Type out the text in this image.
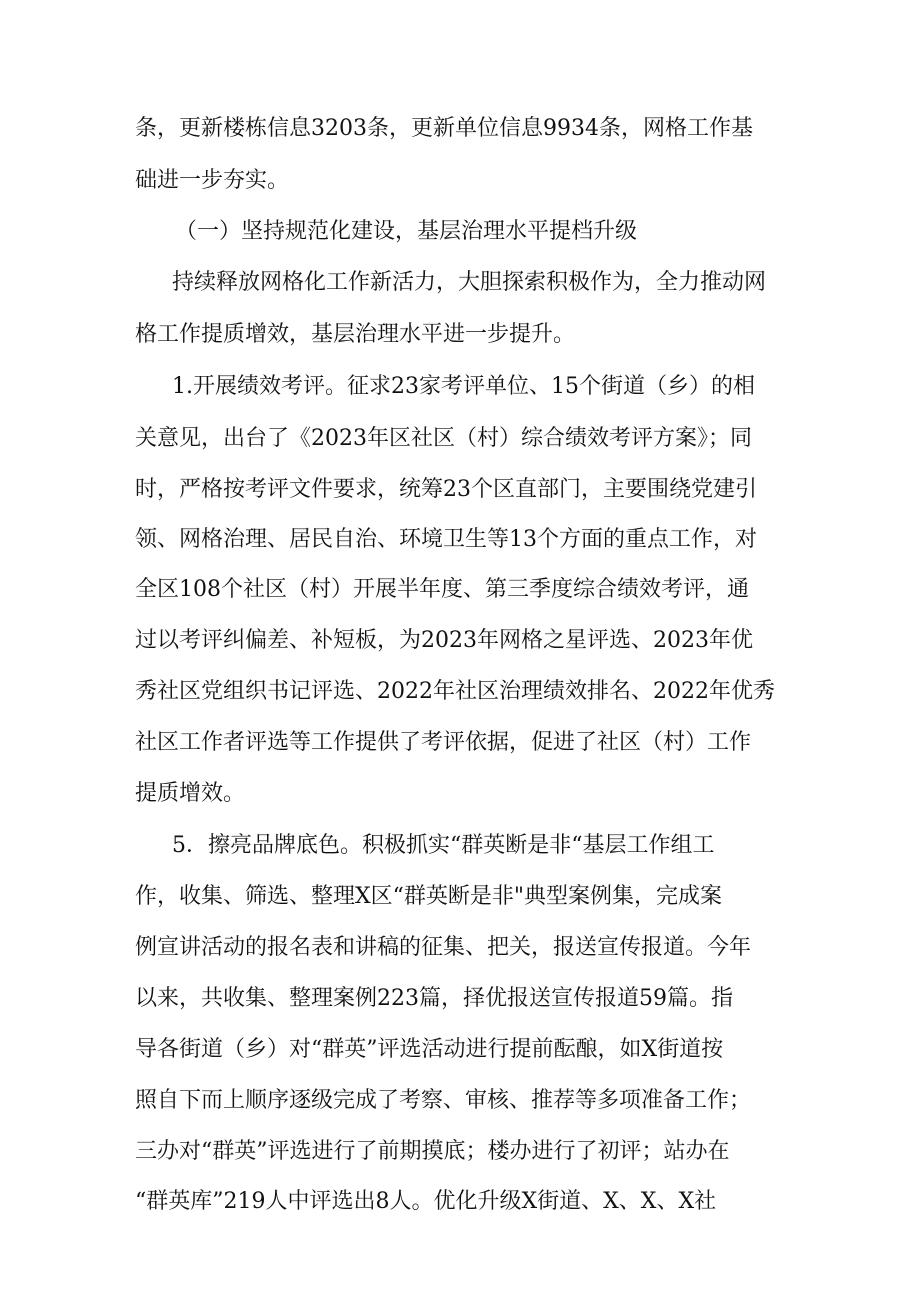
条，更新楼栋信息3203条，更新单位信息9934条，网格工作基
础进一步夯实。
（一）坚持规范化建设，基层治理水平提档升级
持续释放网格化工作新活力，大胆探索积极作为，全力推动网
格工作提质增效，基层治理水平进一步提升。
1.开展绩效考评。征求23家考评单位、15个街道（乡）的相
关意见，出台了《2023年区社区（村）综合绩效考评方案》；同
时，严格按考评文件要求，统筹23个区直部门，主要围绕党建引
领、网格治理、居民自治、环境卫生等13个方面的重点工作，对
全区108个社区（村）开展半年度、第三季度综合绩效考评，通
过以考评纠偏差、补短板，为2023年网格之星评选、2023年优
秀社区党组织书记评选、2022年社区治理绩效排名、2022年优秀
社区工作者评选等工作提供了考评依据，促进了社区（村）工作
提质增效。
5．擦亮品牌底色。积极抓实“群英断是非“基层工作组工
作，收集、筛选、整理X区“群英断是非"典型案例集，完成案
例宣讲活动的报名表和讲稿的征集、把关，报送宣传报道。今年
以来，共收集、整理案例223篇，择优报送宣传报道59篇。指
导各街道（乡）对“群英”评选活动进行提前酝酿，如X街道按
照自下而上顺序逐级完成了考察、审核、推荐等多项准备工作；
三办对“群英”评选进行了前期摸底；楼办进行了初评；站办在
“群英库”219人中评选出8人。优化升级X街道、X、X、X社
